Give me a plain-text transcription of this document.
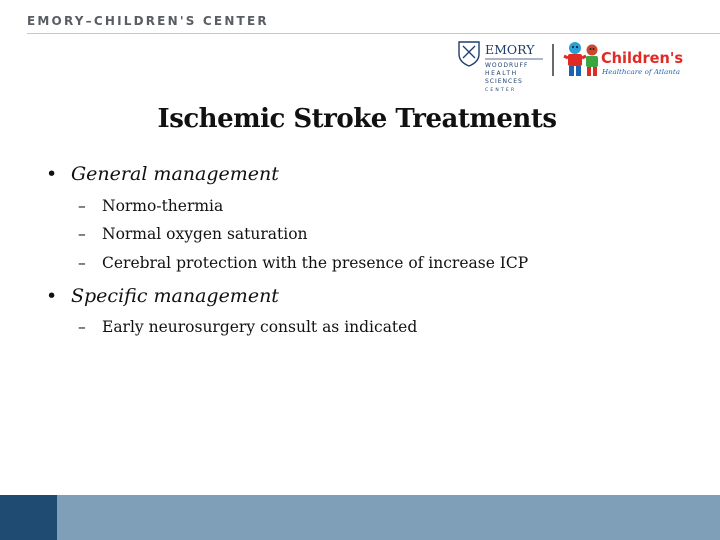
EMORY–CHILDREN'S CENTER
EMORY
WOODRUFF
HEALTH
SCIENCES
CENTER
Children's
Healthcare of Atlanta
Ischemic Stroke Treatments
• General management
– Normo-thermia
– Normal oxygen saturation
– Cerebral protection with the presence of increase ICP
• Specific management
– Early neurosurgery consult as indicated
38
